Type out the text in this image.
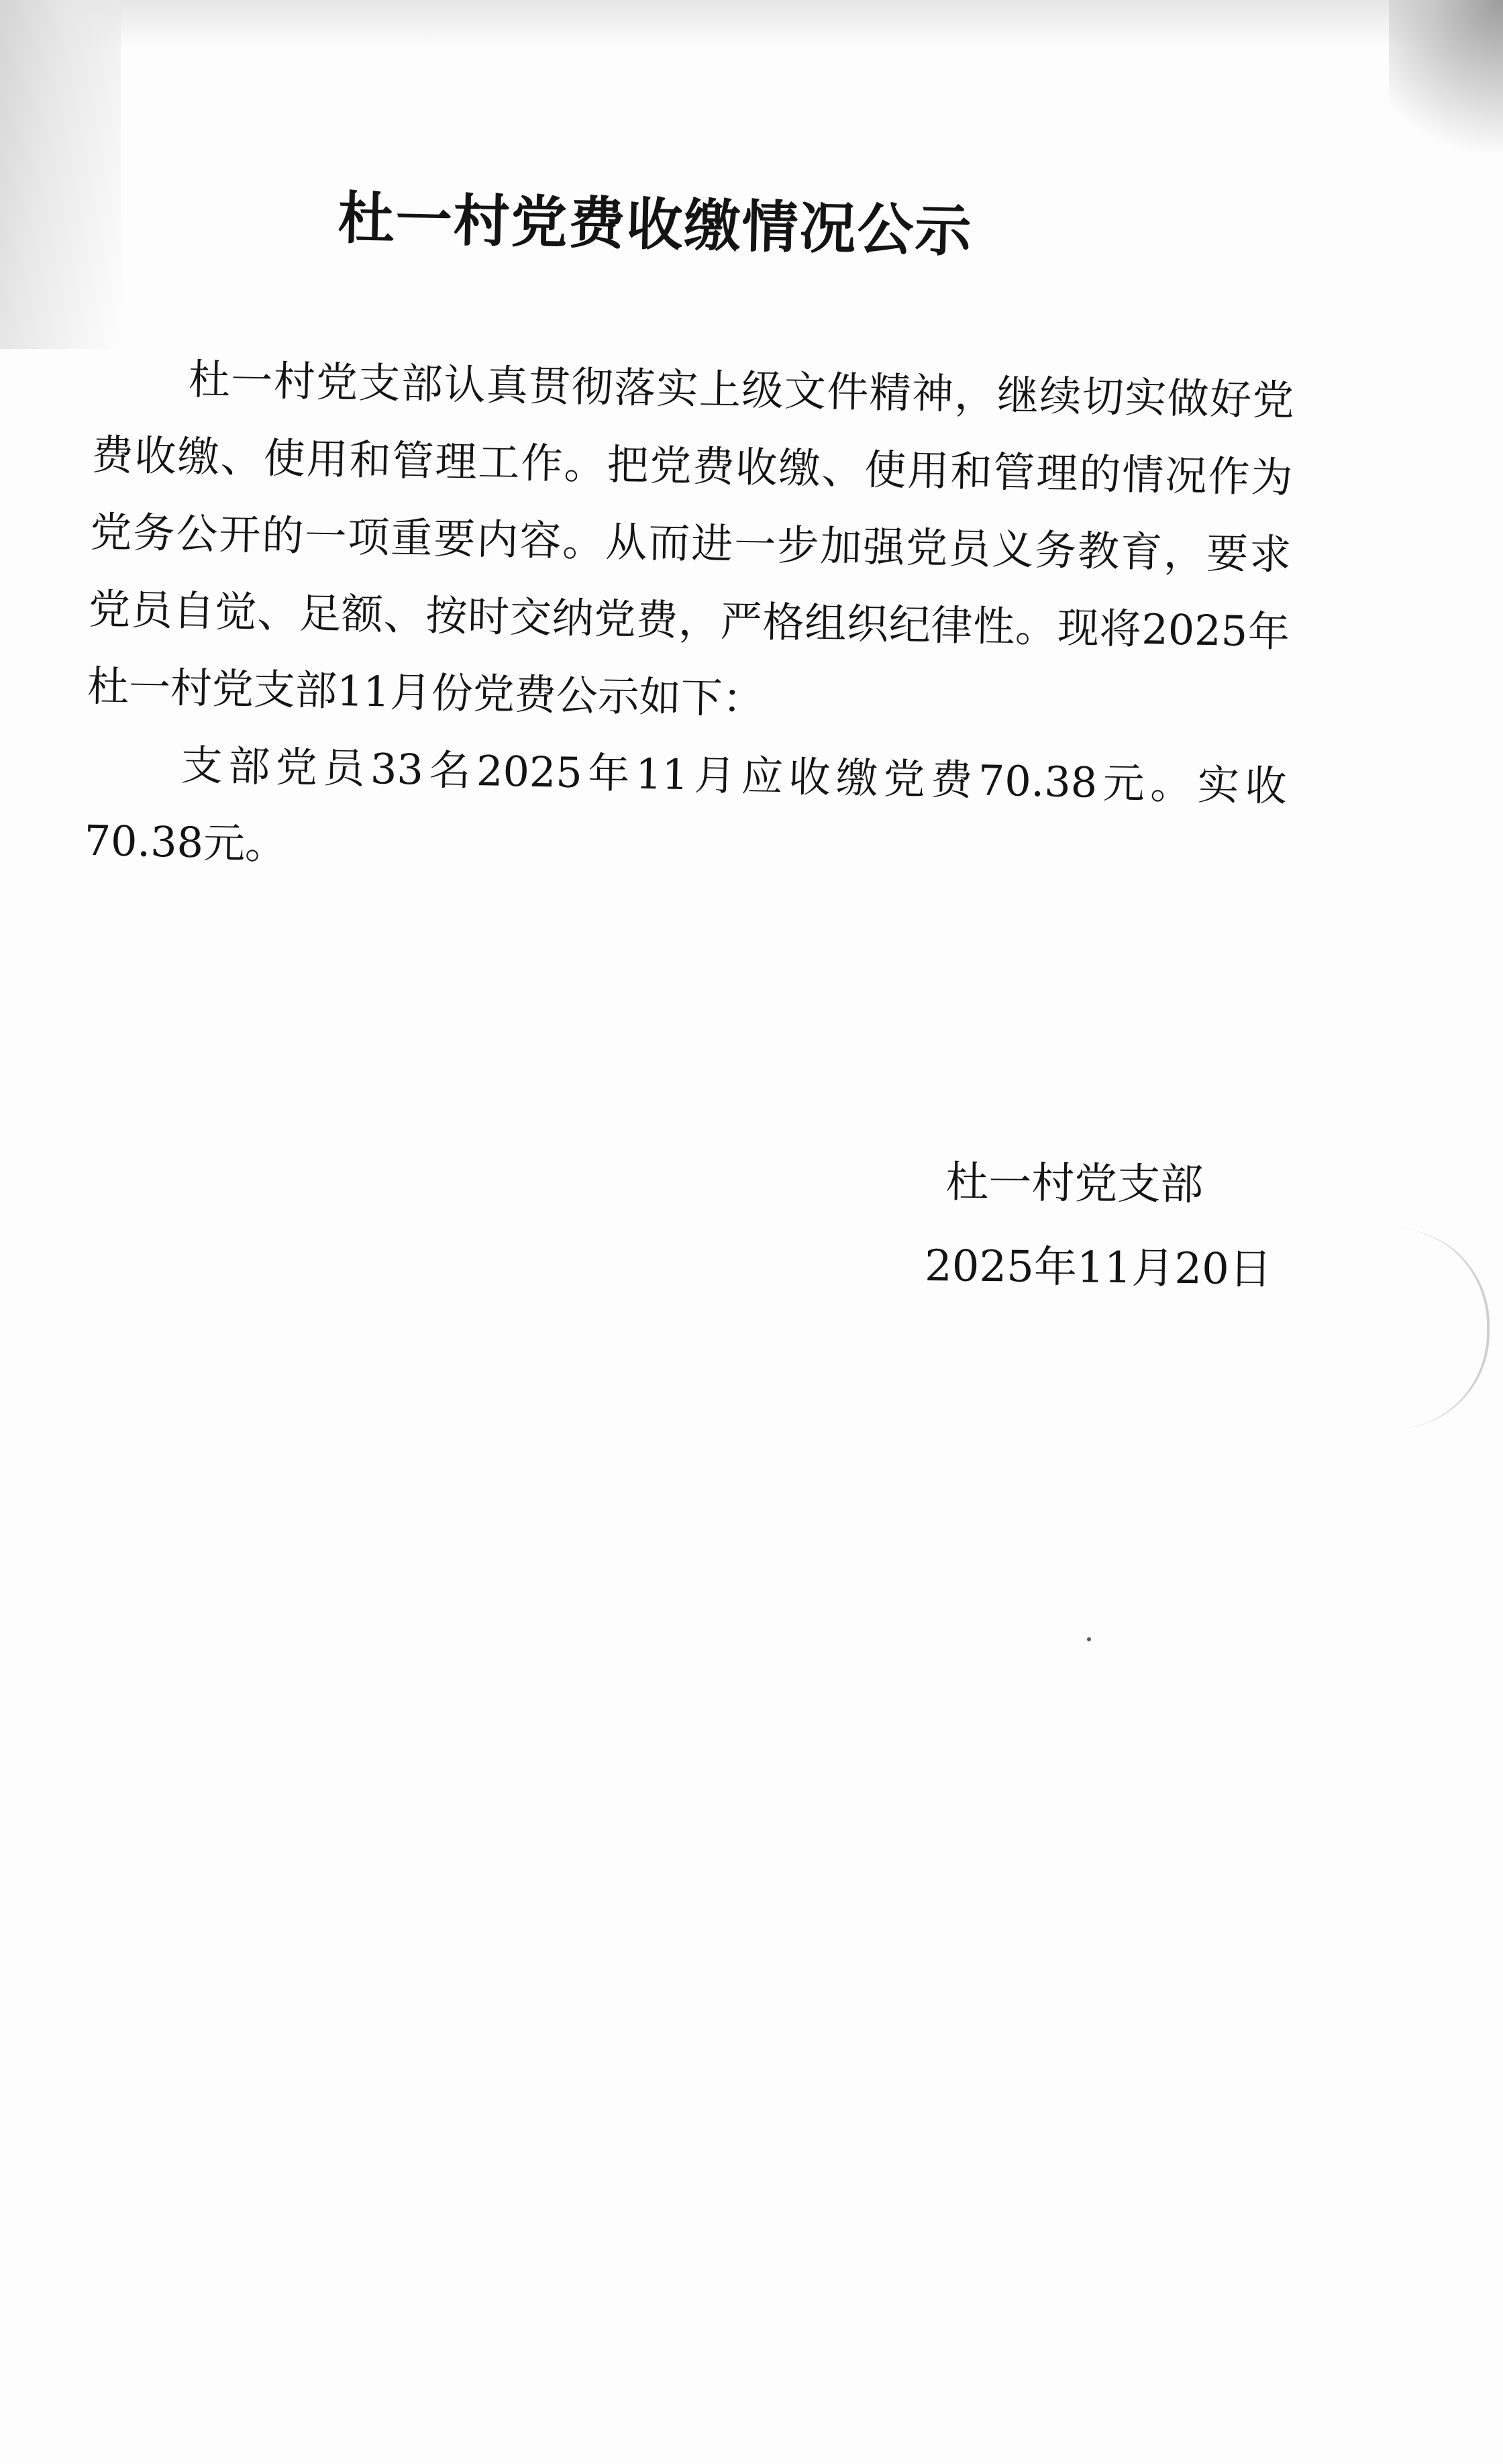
杜一村党费收缴情况公示

杜一村党支部认真贯彻落实上级文件精神，继续切实做好党费收缴、使用和管理工作。把党费收缴、使用和管理的情况作为党务公开的一项重要内容。从而进一步加强党员义务教育，要求党员自觉、足额、按时交纳党费，严格组织纪律性。现将2025年杜一村党支部11月份党费公示如下：

支部党员33名2025年11月应收缴党费70.38元。实收70.38元。

杜一村党支部
2025年11月20日
